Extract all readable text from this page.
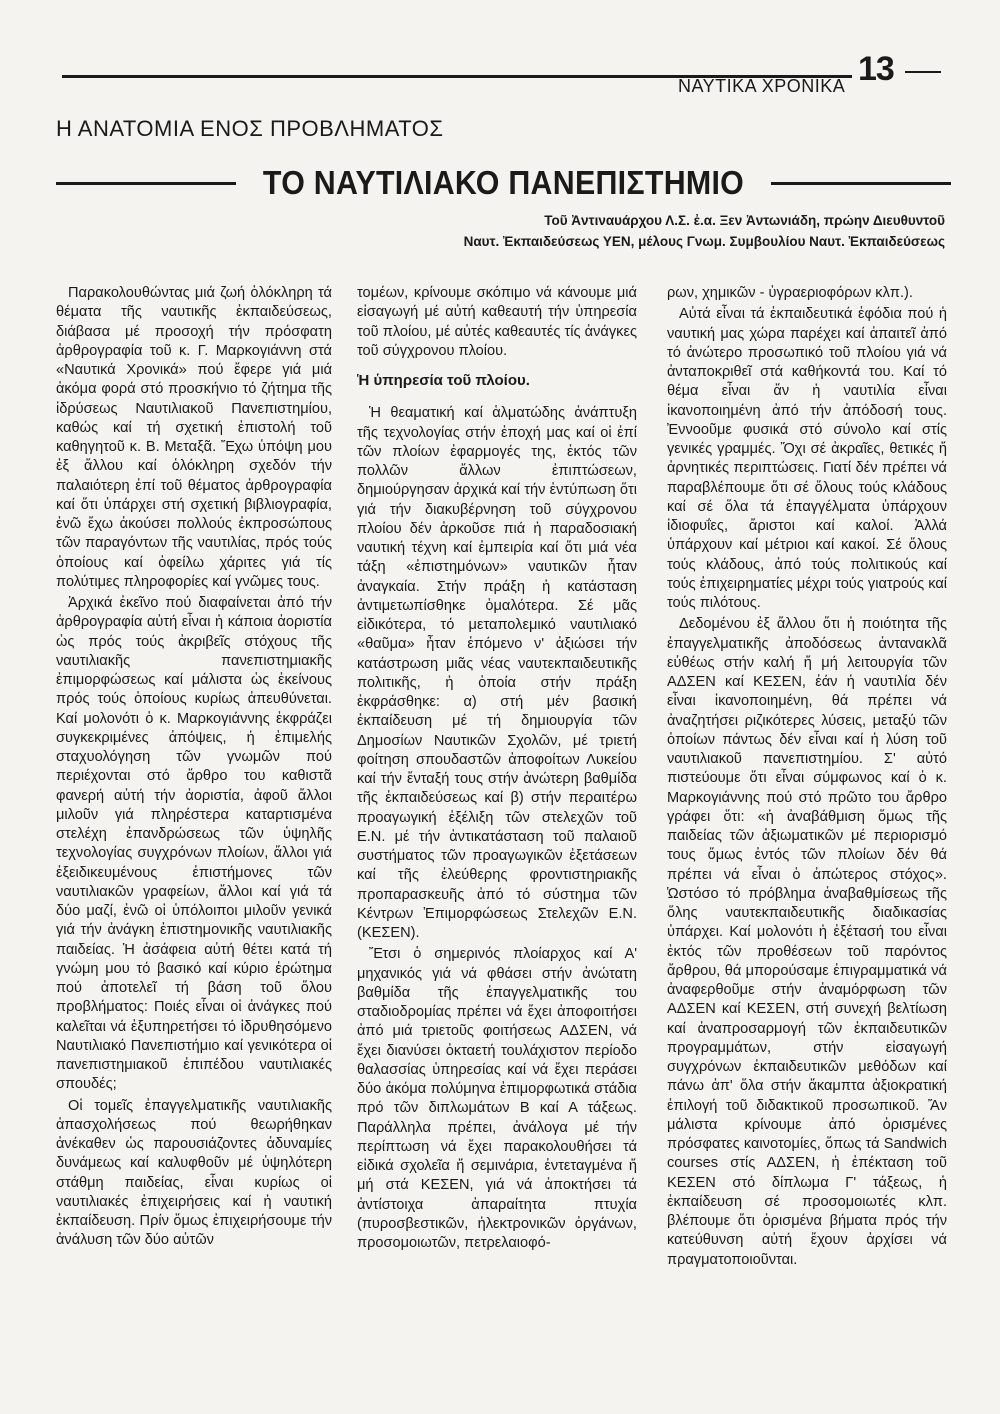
ΝΑΥΤΙΚΑ ΧΡΟΝΙΚΑ 13
Η ΑΝΑΤΟΜΙΑ ΕΝΟΣ ΠΡΟΒΛΗΜΑΤΟΣ
ΤΟ ΝΑΥΤΙΛΙΑΚΟ ΠΑΝΕΠΙΣΤΗΜΙΟ
Τοῦ Ἀντιναυάρχου Λ.Σ. ἐ.α. Ξεν Ἀντωνιάδη, πρώην Διευθυντοῦ
Ναυτ. Ἐκπαιδεύσεως ΥΕΝ, μέλους Γνωμ. Συμβουλίου Ναυτ. Ἐκπαιδεύσεως

Παρακολουθώντας μιά ζωή ὁλόκληρη τά θέματα τῆς ναυτικῆς ἐκπαιδεύσεως, διάβασα μέ προσοχή τήν πρόσφατη ἀρθρογραφία τοῦ κ. Γ. Μαρκογιάννη στά «Ναυτικά Χρονικά» πού ἔφερε γιά μιά ἀκόμα φορά στό προσκήνιο τό ζήτημα τῆς ἱδρύσεως Ναυτιλιακοῦ Πανεπιστημίου, καθώς καί τή σχετική ἐπιστολή τοῦ καθηγητοῦ κ. Β. Μεταξᾶ. Ἔχω ὑπόψη μου ἐξ ἄλλου καί ὁλόκληρη σχεδόν τήν παλαιότερη ἐπί τοῦ θέματος ἀρθρογραφία καί ὅτι ὑπάρχει στή σχετική βιβλιογραφία, ἐνῶ ἔχω ἀκούσει πολλούς ἐκπροσώπους τῶν παραγόντων τῆς ναυτιλίας, πρός τούς ὁποίους καί ὀφείλω χάριτες γιά τίς πολύτιμες πληροφορίες καί γνῶμες τους.

Ἀρχικά ἐκεῖνο πού διαφαίνεται ἀπό τήν ἀρθρογραφία αὐτή εἶναι ἡ κάποια ἀοριστία ὡς πρός τούς ἀκριβεῖς στόχους τῆς ναυτιλιακῆς πανεπιστημιακῆς ἐπιμορφώσεως καί μάλιστα ὡς ἐκείνους πρός τούς ὁποίους κυρίως ἀπευθύνεται. Καί μολονότι ὁ κ. Μαρκογιάννης ἐκφράζει συγκεκριμένες ἀπόψεις, ἡ ἐπιμελής σταχυολόγηση τῶν γνωμῶν πού περιέχονται στό ἄρθρο του καθιστᾶ φανερή αὐτή τήν ἀοριστία, ἀφοῦ ἄλλοι μιλοῦν γιά πληρέστερα καταρτισμένα στελέχη ἐπανδρώσεως τῶν ὑψηλῆς τεχνολογίας συγχρόνων πλοίων, ἄλλοι γιά ἐξειδικευμένους ἐπιστήμονες τῶν ναυτιλιακῶν γραφείων, ἄλλοι καί γιά τά δύο μαζί, ἐνῶ οἱ ὑπόλοιποι μιλοῦν γενικά γιά τήν ἀνάγκη ἐπιστημονικῆς ναυτιλιακῆς παιδείας. Ἡ ἀσάφεια αὐτή θέτει κατά τή γνώμη μου τό βασικό καί κύριο ἐρώτημα πού ἀποτελεῖ τή βάση τοῦ ὅλου προβλήματος: Ποιές εἶναι οἱ ἀνάγκες πού καλεῖται νά ἐξυπηρετήσει τό ἱδρυθησόμενο Ναυτιλιακό Πανεπιστήμιο καί γενικότερα οἱ πανεπιστημιακοῦ ἐπιπέδου ναυτιλιακές σπουδές;

Οἱ τομεῖς ἐπαγγελματικῆς ναυτιλιακῆς ἀπασχολήσεως πού θεωρήθηκαν ἀνέκαθεν ὡς παρουσιάζοντες ἀδυναμίες δυνάμεως καί καλυφθοῦν μέ ὑψηλότερη στάθμη παιδείας, εἶναι κυρίως οἱ ναυτιλιακές ἐπιχειρήσεις καί ἡ ναυτική ἐκπαίδευση. Πρίν ὅμως ἐπιχειρήσουμε τήν ἀνάλυση τῶν δύο αὐτῶν

τομέων, κρίνουμε σκόπιμο νά κάνουμε μιά εἰσαγωγή μέ αὐτή καθεαυτή τήν ὑπηρεσία τοῦ πλοίου, μέ αὐτές καθεαυτές τίς ἀνάγκες τοῦ σύγχρονου πλοίου.

Ἡ ὑπηρεσία τοῦ πλοίου.

Ἡ θεαματική καί ἁλματώδης ἀνάπτυξη τῆς τεχνολογίας στήν ἐποχή μας καί οἱ ἐπί τῶν πλοίων ἐφαρμογές της, ἐκτός τῶν πολλῶν ἄλλων ἐπιπτώσεων, δημιούργησαν ἀρχικά καί τήν ἐντύπωση ὅτι γιά τήν διακυβέρνηση τοῦ σύγχρονου πλοίου δέν ἀρκοῦσε πιά ἡ παραδοσιακή ναυτική τέχνη καί ἐμπειρία καί ὅτι μιά νέα τάξη «ἐπιστημόνων» ναυτικῶν ἦταν ἀναγκαία. Στήν πράξη ἡ κατάσταση ἀντιμετωπίσθηκε ὁμαλότερα. Σέ μᾶς εἰδικότερα, τό μεταπολεμικό ναυτιλιακό «θαῦμα» ἦταν ἑπόμενο ν' ἀξιώσει τήν κατάστρωση μιᾶς νέας ναυτεκπαιδευτικῆς πολιτικῆς, ἡ ὁποία στήν πράξη ἐκφράσθηκε: α) στή μέν βασική ἐκπαίδευση μέ τή δημιουργία τῶν Δημοσίων Ναυτικῶν Σχολῶν, μέ τριετή φοίτηση σπουδαστῶν ἀποφοίτων Λυκείου καί τήν ἔνταξή τους στήν ἀνώτερη βαθμίδα τῆς ἐκπαιδεύσεως καί β) στήν περαιτέρω προαγωγική ἐξέλιξη τῶν στελεχῶν τοῦ Ε.Ν. μέ τήν ἀντικατάσταση τοῦ παλαιοῦ συστήματος τῶν προαγωγικῶν ἐξετάσεων καί τῆς ἐλεύθερης φροντιστηριακῆς προπαρασκευῆς ἀπό τό σύστημα τῶν Κέντρων Ἐπιμορφώσεως Στελεχῶν Ε.Ν. (ΚΕΣΕΝ).

Ἔτσι ὁ σημερινός πλοίαρχος καί Α' μηχανικός γιά νά φθάσει στήν ἀνώτατη βαθμίδα τῆς ἐπαγγελματικῆς του σταδιοδρομίας πρέπει νά ἔχει ἀποφοιτήσει ἀπό μιά τριετοῦς φοιτήσεως ΑΔΣΕΝ, νά ἔχει διανύσει ὀκταετή τουλάχιστον περίοδο θαλασσίας ὑπηρεσίας καί νά ἔχει περάσει δύο ἀκόμα πολύμηνα ἐπιμορφωτικά στάδια πρό τῶν διπλωμάτων Β καί Α τάξεως. Παράλληλα πρέπει, ἀνάλογα μέ τήν περίπτωση νά ἔχει παρακολουθήσει τά εἰδικά σχολεῖα ἤ σεμινάρια, ἐντεταγμένα ἤ μή στά ΚΕΣΕΝ, γιά νά ἀποκτήσει τά ἀντίστοιχα ἀπαραίτητα πτυχία (πυροσβεστικῶν, ἠλεκτρονικῶν ὀργάνων, προσομοιωτῶν, πετρελαιοφό-

ρων, χημικῶν - ὑγραεριοφόρων κλπ.).

Αὐτά εἶναι τά ἐκπαιδευτικά ἐφόδια πού ἡ ναυτική μας χώρα παρέχει καί ἀπαιτεῖ ἀπό τό ἀνώτερο προσωπικό τοῦ πλοίου γιά νά ἀνταποκριθεῖ στά καθήκοντά του. Καί τό θέμα εἶναι ἄν ἡ ναυτιλία εἶναι ἱκανοποιημένη ἀπό τήν ἀπόδοσή τους. Ἐννοοῦμε φυσικά στό σύνολο καί στίς γενικές γραμμές. Ὄχι σέ ἀκραῖες, θετικές ἤ ἀρνητικές περιπτώσεις. Γιατί δέν πρέπει νά παραβλέπουμε ὅτι σέ ὅλους τούς κλάδους καί σέ ὅλα τά ἐπαγγέλματα ὑπάρχουν ἰδιοφυΐες, ἄριστοι καί καλοί. Ἀλλά ὑπάρχουν καί μέτριοι καί κακοί. Σέ ὅλους τούς κλάδους, ἀπό τούς πολιτικούς καί τούς ἐπιχειρηματίες μέχρι τούς γιατρούς καί τούς πιλότους.

Δεδομένου ἐξ ἄλλου ὅτι ἡ ποιότητα τῆς ἐπαγγελματικῆς ἀποδόσεως ἀντανακλᾶ εὐθέως στήν καλή ἤ μή λειτουργία τῶν ΑΔΣΕΝ καί ΚΕΣΕΝ, ἐάν ἡ ναυτιλία δέν εἶναι ἱκανοποιημένη, θά πρέπει νά ἀναζητήσει ριζικότερες λύσεις, μεταξύ τῶν ὁποίων πάντως δέν εἶναι καί ἡ λύση τοῦ ναυτιλιακοῦ πανεπιστημίου. Σ' αὐτό πιστεύουμε ὅτι εἶναι σύμφωνος καί ὁ κ. Μαρκογιάννης πού στό πρῶτο του ἄρθρο γράφει ὅτι: «ἡ ἀναβάθμιση ὅμως τῆς παιδείας τῶν ἀξιωματικῶν μέ περιορισμό τους ὅμως ἐντός τῶν πλοίων δέν θά πρέπει νά εἶναι ὁ ἀπώτερος στόχος». Ὡστόσο τό πρόβλημα ἀναβαθμίσεως τῆς ὅλης ναυτεκπαιδευτικῆς διαδικασίας ὑπάρχει. Καί μολονότι ἡ ἐξέτασή του εἶναι ἐκτός τῶν προθέσεων τοῦ παρόντος ἄρθρου, θά μπορούσαμε ἐπιγραμματικά νά ἀναφερθοῦμε στήν ἀναμόρφωση τῶν ΑΔΣΕΝ καί ΚΕΣΕΝ, στή συνεχή βελτίωση καί ἀναπροσαρμογή τῶν ἐκπαιδευτικῶν προγραμμάτων, στήν εἰσαγωγή συγχρόνων ἐκπαιδευτικῶν μεθόδων καί πάνω ἀπ' ὅλα στήν ἄκαμπτα ἀξιοκρατική ἐπιλογή τοῦ διδακτικοῦ προσωπικοῦ. Ἄν μάλιστα κρίνουμε ἀπό ὁρισμένες πρόσφατες καινοτομίες, ὅπως τά Sandwich courses στίς ΑΔΣΕΝ, ἡ ἐπέκταση τοῦ ΚΕΣΕΝ στό δίπλωμα Γ' τάξεως, ἡ ἐκπαίδευση σέ προσομοιωτές κλπ. βλέπουμε ὅτι ὁρισμένα βήματα πρός τήν κατεύθυνση αὐτή ἔχουν ἀρχίσει νά πραγματοποιοῦνται.
